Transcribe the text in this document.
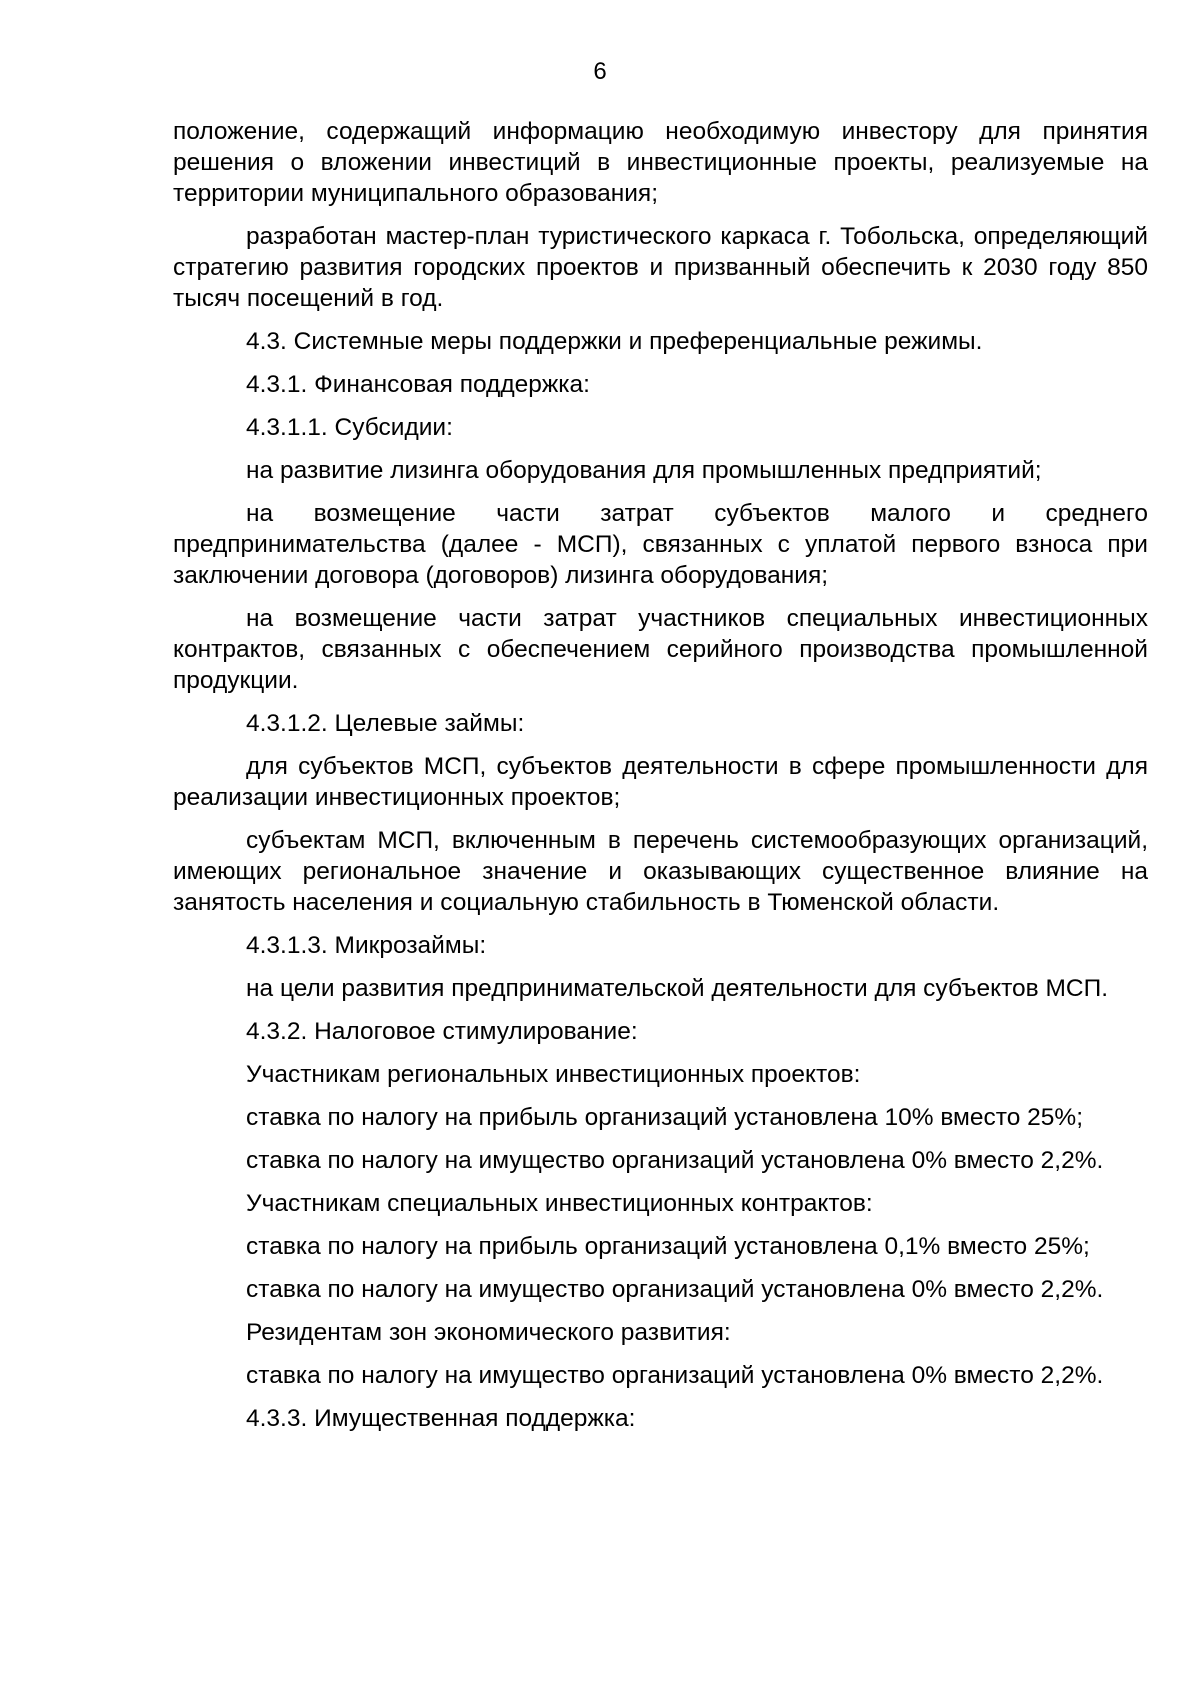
6

положение, содержащий информацию необходимую инвестору для принятия решения о вложении инвестиций в инвестиционные проекты, реализуемые на территории муниципального образования;

разработан мастер-план туристического каркаса г. Тобольска, определяющий стратегию развития городских проектов и призванный обеспечить к 2030 году 850 тысяч посещений в год.

4.3. Системные меры поддержки и преференциальные режимы.

4.3.1. Финансовая поддержка:

4.3.1.1. Субсидии:

на развитие лизинга оборудования для промышленных предприятий;

на возмещение части затрат субъектов малого и среднего предпринимательства (далее - МСП), связанных с уплатой первого взноса при заключении договора (договоров) лизинга оборудования;

на возмещение части затрат участников специальных инвестиционных контрактов, связанных с обеспечением серийного производства промышленной продукции.

4.3.1.2. Целевые займы:

для субъектов МСП, субъектов деятельности в сфере промышленности для реализации инвестиционных проектов;

субъектам МСП, включенным в перечень системообразующих организаций, имеющих региональное значение и оказывающих существенное влияние на занятость населения и социальную стабильность в Тюменской области.

4.3.1.3. Микрозаймы:

на цели развития предпринимательской деятельности для субъектов МСП.

4.3.2. Налоговое стимулирование:

Участникам региональных инвестиционных проектов:

ставка по налогу на прибыль организаций установлена 10% вместо 25%;

ставка по налогу на имущество организаций установлена 0% вместо 2,2%.

Участникам специальных инвестиционных контрактов:

ставка по налогу на прибыль организаций установлена 0,1% вместо 25%;

ставка по налогу на имущество организаций установлена 0% вместо 2,2%.

Резидентам зон экономического развития:

ставка по налогу на имущество организаций установлена 0% вместо 2,2%.

4.3.3. Имущественная поддержка:
